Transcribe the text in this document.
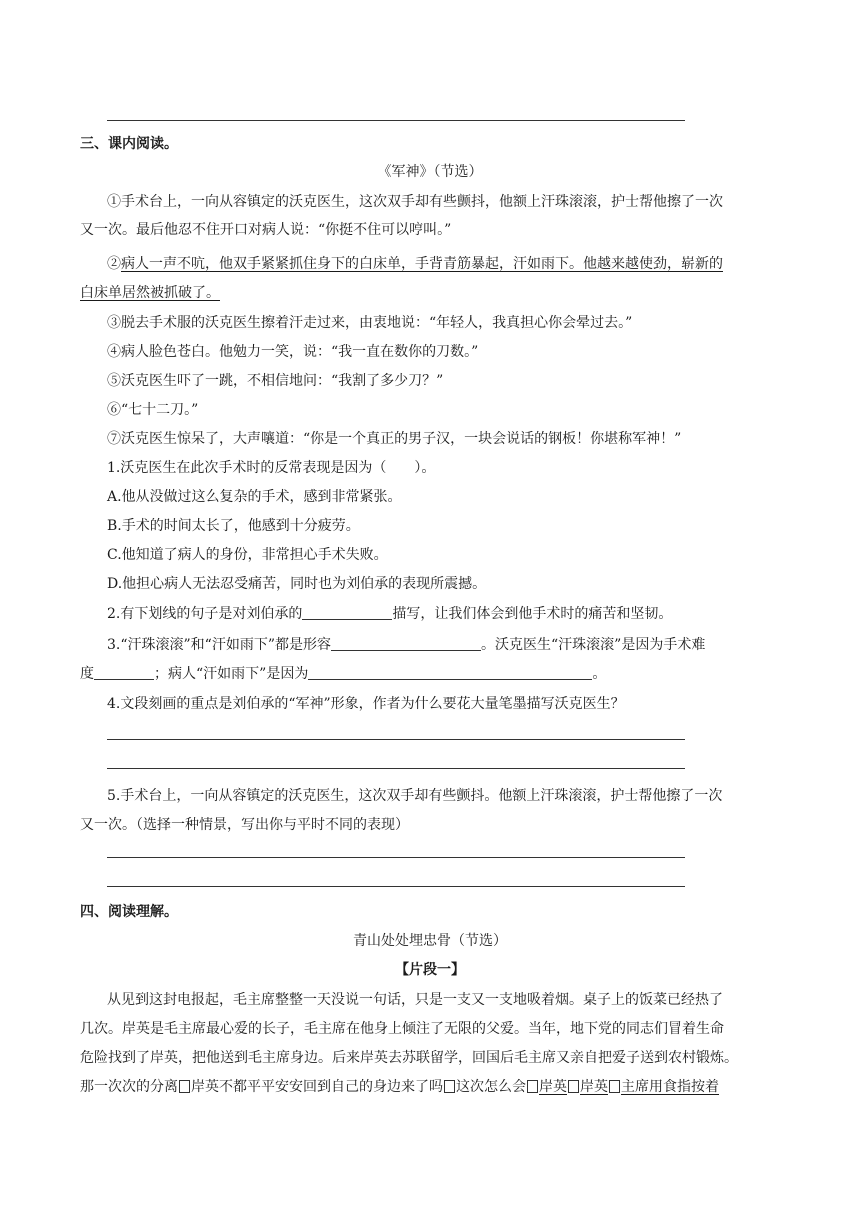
三、课内阅读。
《军神》（节选）
①手术台上，一向从容镇定的沃克医生，这次双手却有些颤抖，他额上汗珠滚滚，护士帮他擦了一次
又一次。最后他忍不住开口对病人说：“你挺不住可以哼叫。”
②病人一声不吭，他双手紧紧抓住身下的白床单，手背青筋暴起，汗如雨下。他越来越使劲，崭新的
白床单居然被抓破了。
③脱去手术服的沃克医生擦着汗走过来，由衷地说：“年轻人，我真担心你会晕过去。”
④病人脸色苍白。他勉力一笑，说：“我一直在数你的刀数。”
⑤沃克医生吓了一跳，不相信地问：“我割了多少刀？”
⑥“七十二刀。”
⑦沃克医生惊呆了，大声嚷道：“你是一个真正的男子汉，一块会说话的钢板！你堪称军神！”
1.沃克医生在此次手术时的反常表现是因为（　　）。
A.他从没做过这么复杂的手术，感到非常紧张。
B.手术的时间太长了，他感到十分疲劳。
C.他知道了病人的身份，非常担心手术失败。
D.他担心病人无法忍受痛苦，同时也为刘伯承的表现所震撼。
2.有下划线的句子是对刘伯承的	描写，让我们体会到他手术时的痛苦和坚韧。
3.“汗珠滚滚”和“汗如雨下”都是形容	。沃克医生“汗珠滚滚”是因为手术难
度	；病人“汗如雨下”是因为	。
4.文段刻画的重点是刘伯承的“军神”形象，作者为什么要花大量笔墨描写沃克医生？
5.手术台上，一向从容镇定的沃克医生，这次双手却有些颤抖。他额上汗珠滚滚，护士帮他擦了一次
又一次。（选择一种情景，写出你与平时不同的表现）
四、阅读理解。
青山处处埋忠骨（节选）
【片段一】
从见到这封电报起，毛主席整整一天没说一句话，只是一支又一支地吸着烟。桌子上的饭菜已经热了
几次。岸英是毛主席最心爱的长子，毛主席在他身上倾注了无限的父爱。当年，地下党的同志们冒着生命
危险找到了岸英，把他送到毛主席身边。后来岸英去苏联留学，回国后毛主席又亲自把爱子送到农村锻炼。
那一次次的分离 岸英不都平平安安回到自己的身边来了吗 这次怎么会 岸英 岸英 主席用食指按着
